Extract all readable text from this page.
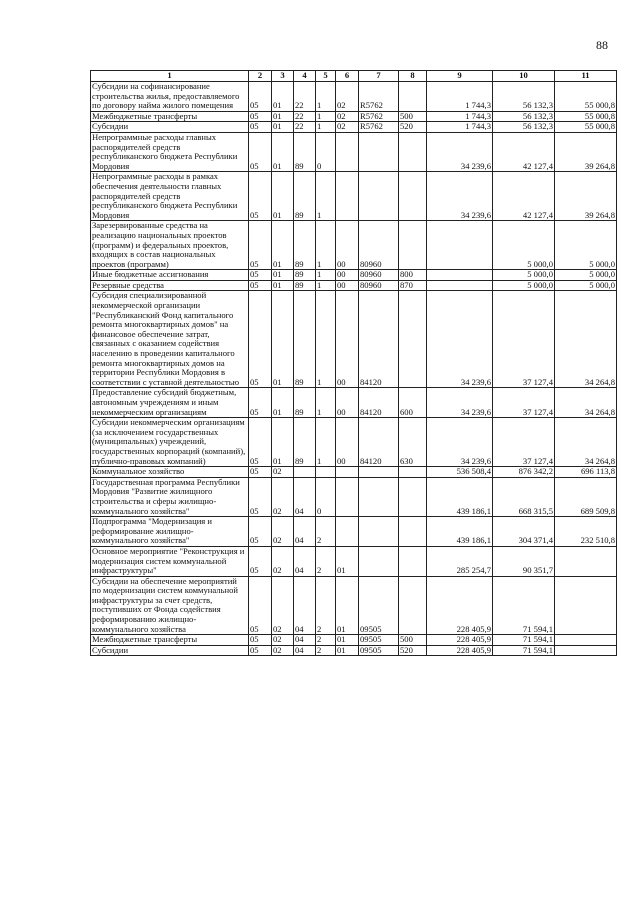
88
1	2	3	4	5	6	7	8	9	10	11
Субсидии на софинансирование строительства жилья, предоставляемого по договору найма жилого помещения	05	01	22	1	02	R5762		1 744,3	56 132,3	55 000,8
Межбюджетные трансферты	05	01	22	1	02	R5762	500	1 744,3	56 132,3	55 000,8
Субсидии	05	01	22	1	02	R5762	520	1 744,3	56 132,3	55 000,8
Непрограммные расходы главных распорядителей средств республиканского бюджета Республики Мордовия	05	01	89	0				34 239,6	42 127,4	39 264,8
Непрограммные расходы в рамках обеспечения деятельности главных распорядителей средств республиканского бюджета Республики Мордовия	05	01	89	1				34 239,6	42 127,4	39 264,8
Зарезервированные средства на реализацию национальных проектов (программ) и федеральных проектов, входящих в состав национальных проектов (программ)	05	01	89	1	00	80960			5 000,0	5 000,0
Иные бюджетные ассигнования	05	01	89	1	00	80960	800		5 000,0	5 000,0
Резервные средства	05	01	89	1	00	80960	870		5 000,0	5 000,0
Субсидия специализированной некоммерческой организации "Республиканский Фонд капитального ремонта многоквартирных домов" на финансовое обеспечение затрат, связанных с оказанием содействия населению в проведении капитального ремонта многоквартирных домов на территории Республики Мордовия в соответствии с уставной деятельностью	05	01	89	1	00	84120		34 239,6	37 127,4	34 264,8
Предоставление субсидий бюджетным, автономным учреждениям и иным некоммерческим организациям	05	01	89	1	00	84120	600	34 239,6	37 127,4	34 264,8
Субсидии некоммерческим организациям (за исключением государственных (муниципальных) учреждений, государственных корпораций (компаний), публично-правовых компаний)	05	01	89	1	00	84120	630	34 239,6	37 127,4	34 264,8
Коммунальное хозяйство	05	02						536 508,4	876 342,2	696 113,8
Государственная программа Республики Мордовия "Развитие жилищного строительства и сферы жилищно-коммунального хозяйства"	05	02	04	0				439 186,1	668 315,5	689 509,8
Подпрограмма "Модернизация и реформирование жилищно-коммунального хозяйства"	05	02	04	2				439 186,1	304 371,4	232 510,8
Основное мероприятие "Реконструкция и модернизация систем коммунальной инфраструктуры"	05	02	04	2	01			285 254,7	90 351,7	
Субсидии на обеспечение мероприятий по модернизации систем коммунальной инфраструктуры за счет средств, поступивших от Фонда содействия реформированию жилищно-коммунального хозяйства	05	02	04	2	01	09505		228 405,9	71 594,1	
Межбюджетные трансферты	05	02	04	2	01	09505	500	228 405,9	71 594,1	
Субсидии	05	02	04	2	01	09505	520	228 405,9	71 594,1	
